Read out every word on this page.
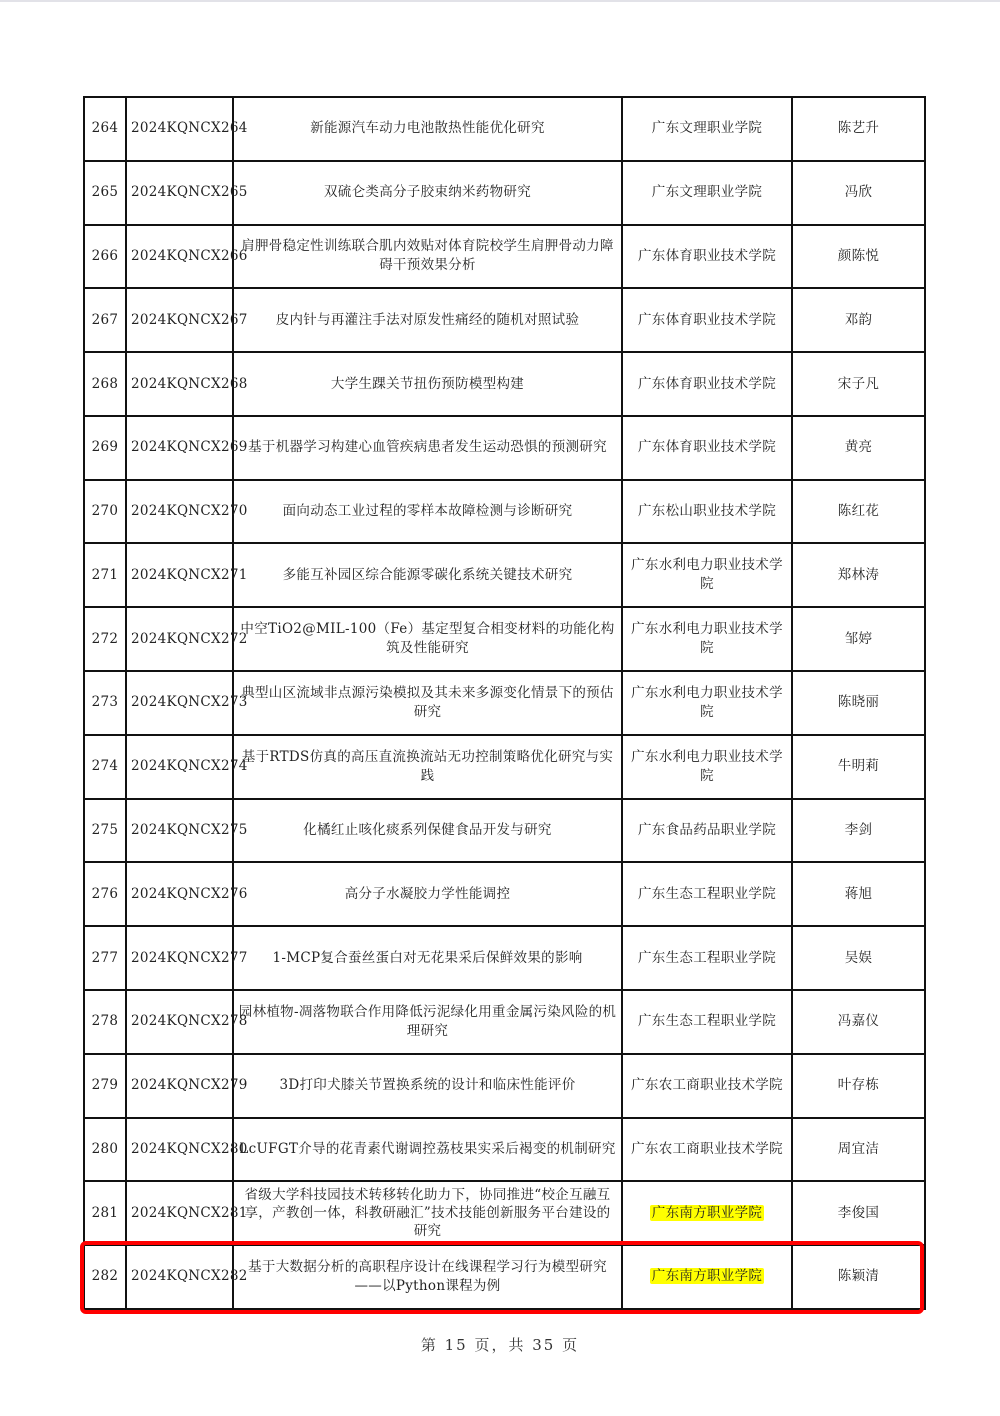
264	2024KQNCX264	新能源汽车动力电池散热性能优化研究	广东文理职业学院	陈艺升
265	2024KQNCX265	双硫仑类高分子胶束纳米药物研究	广东文理职业学院	冯欣
266	2024KQNCX266	肩胛骨稳定性训练联合肌内效贴对体育院校学生肩胛骨动力障碍干预效果分析	广东体育职业技术学院	颜陈悦
267	2024KQNCX267	皮内针与再灌注手法对原发性痛经的随机对照试验	广东体育职业技术学院	邓韵
268	2024KQNCX268	大学生踝关节扭伤预防模型构建	广东体育职业技术学院	宋子凡
269	2024KQNCX269	基于机器学习构建心血管疾病患者发生运动恐惧的预测研究	广东体育职业技术学院	黄亮
270	2024KQNCX270	面向动态工业过程的零样本故障检测与诊断研究	广东松山职业技术学院	陈红花
271	2024KQNCX271	多能互补园区综合能源零碳化系统关键技术研究	广东水利电力职业技术学院	郑林涛
272	2024KQNCX272	中空TiO2@MIL-100（Fe）基定型复合相变材料的功能化构筑及性能研究	广东水利电力职业技术学院	邹婷
273	2024KQNCX273	典型山区流域非点源污染模拟及其未来多源变化情景下的预估研究	广东水利电力职业技术学院	陈晓丽
274	2024KQNCX274	基于RTDS仿真的高压直流换流站无功控制策略优化研究与实践	广东水利电力职业技术学院	牛明莉
275	2024KQNCX275	化橘红止咳化痰系列保健食品开发与研究	广东食品药品职业学院	李剑
276	2024KQNCX276	高分子水凝胶力学性能调控	广东生态工程职业学院	蒋旭
277	2024KQNCX277	1-MCP复合蚕丝蛋白对无花果采后保鲜效果的影响	广东生态工程职业学院	吴娱
278	2024KQNCX278	园林植物-凋落物联合作用降低污泥绿化用重金属污染风险的机理研究	广东生态工程职业学院	冯嘉仪
279	2024KQNCX279	3D打印犬膝关节置换系统的设计和临床性能评价	广东农工商职业技术学院	叶存栋
280	2024KQNCX280	LcUFGT介导的花青素代谢调控荔枝果实采后褐变的机制研究	广东农工商职业技术学院	周宜洁
281	2024KQNCX281	省级大学科技园技术转移转化助力下，协同推进“校企互融互享，产教创一体，科教研融汇”技术技能创新服务平台建设的研究	广东南方职业学院	李俊国
282	2024KQNCX282	基于大数据分析的高职程序设计在线课程学习行为模型研究——以Python课程为例	广东南方职业学院	陈颖清
第 15 页，共 35 页
